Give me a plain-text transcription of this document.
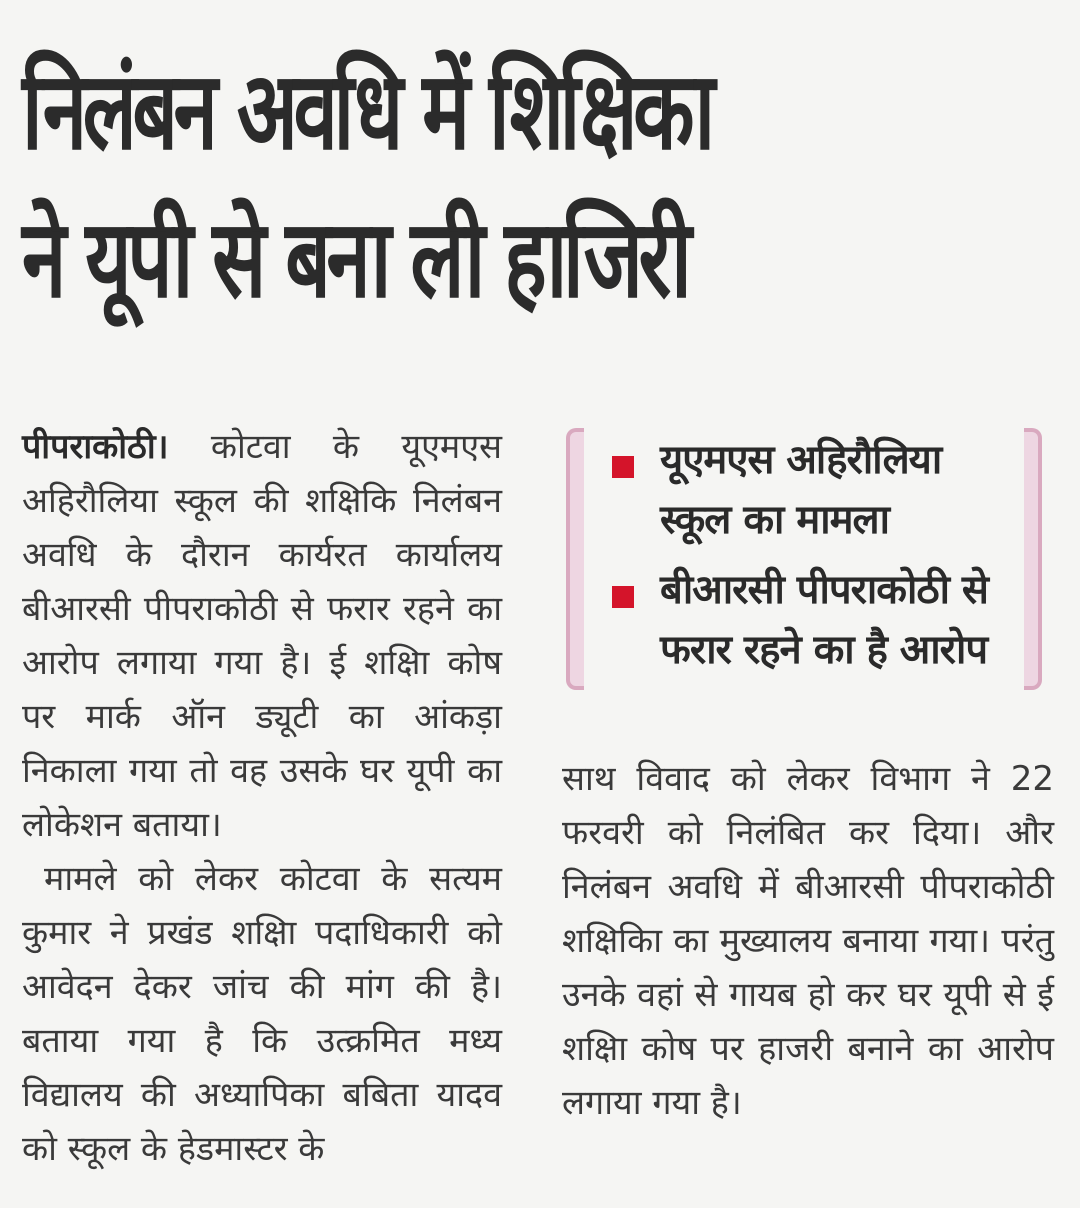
निलंबन अवधि में शिक्षिका
ने यूपी से बना ली हाजिरी

पीपराकोठी। कोटवा के यूएमएस अहिरौलिया स्कूल की शक्षिकि निलंबन अवधि के दौरान कार्यरत कार्यालय बीआरसी पीपराकोठी से फरार रहने का आरोप लगाया गया है। ई शक्षिा कोष पर मार्क ऑन ड्यूटी का आंकड़ा निकाला गया तो वह उसके घर यूपी का लोकेशन बताया।

मामले को लेकर कोटवा के सत्यम कुमार ने प्रखंड शक्षिा पदाधिकारी को आवेदन देकर जांच की मांग की है। बताया गया है कि उत्क्रमित मध्य विद्यालय की अध्यापिका बबिता यादव को स्कूल के हेडमास्टर के

यूएमएस अहिरौलिया स्कूल का मामला
बीआरसी पीपराकोठी से फरार रहने का है आरोप

साथ विवाद को लेकर विभाग ने 22 फरवरी को निलंबित कर दिया। और निलंबन अवधि में बीआरसी पीपराकोठी शक्षिकिा का मुख्यालय बनाया गया। परंतु उनके वहां से गायब हो कर घर यूपी से ई शक्षिा कोष पर हाजरी बनाने का आरोप लगाया गया है।
